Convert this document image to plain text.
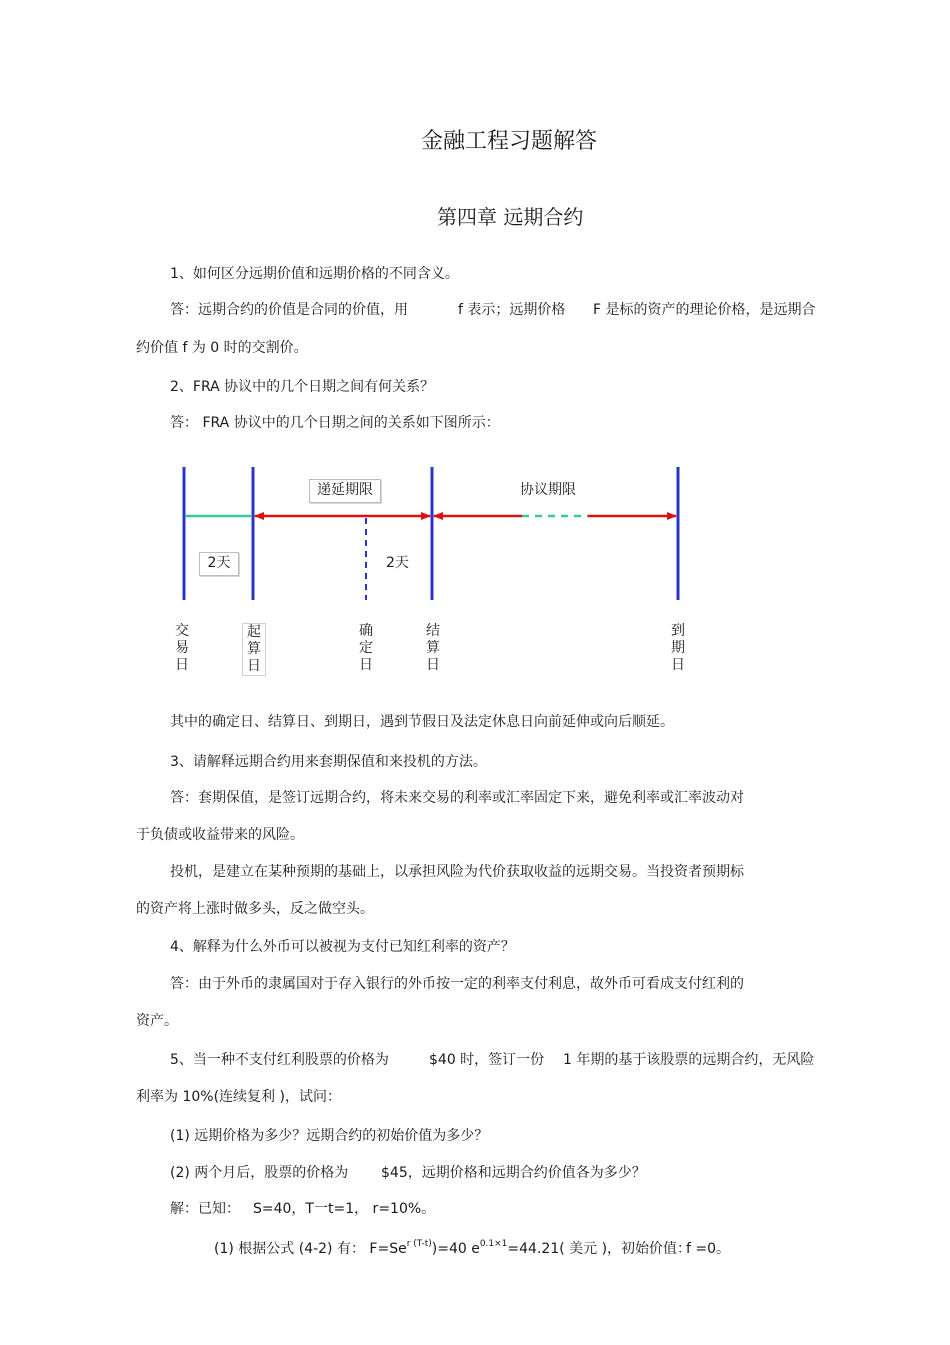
金融工程习题解答
第四章 远期合约
1、如何区分远期价值和远期价格的不同含义。
答：远期合约的价值是合同的价值，用	f 表示；远期价格 F 是标的资产的理论价格，是远期合
约价值 f 为 0 时的交割价。
2、FRA 协议中的几个日期之间有何关系？
答： FRA 协议中的几个日期之间的关系如下图所示：
递延期限	协议期限
2天	2天
交
易
日
起
算
日
确
定
日
结
算
日
到
期
日
其中的确定日、结算日、到期日，遇到节假日及法定休息日向前延伸或向后顺延。
3、请解释远期合约用来套期保值和来投机的方法。
答：套期保值，是签订远期合约，将未来交易的利率或汇率固定下来，避免利率或汇率波动对
于负债或收益带来的风险。
投机，是建立在某种预期的基础上，以承担风险为代价获取收益的远期交易。当投资者预期标
的资产将上涨时做多头，反之做空头。
4、解释为什么外币可以被视为支付已知红利率的资产？
答：由于外币的隶属国对于存入银行的外币按一定的利率支付利息，故外币可看成支付红利的
资产。
5、当一种不支付红利股票的价格为	$40 时，签订一份 1 年期的基于该股票的远期合约，无风险
利率为 10%(连续复利 )，试问：
(1) 远期价格为多少？远期合约的初始价值为多少？
(2) 两个月后，股票的价格为 $45，远期价格和远期合约价值各为多少？
解：已知： S=40，T一t=1， r=10%。
(1) 根据公式 (4-2) 有： $F=Se^{r (T-t)})=40$ $e^{0.1\times 1}=44.21$( 美元 )，初始价值：
f =0。
